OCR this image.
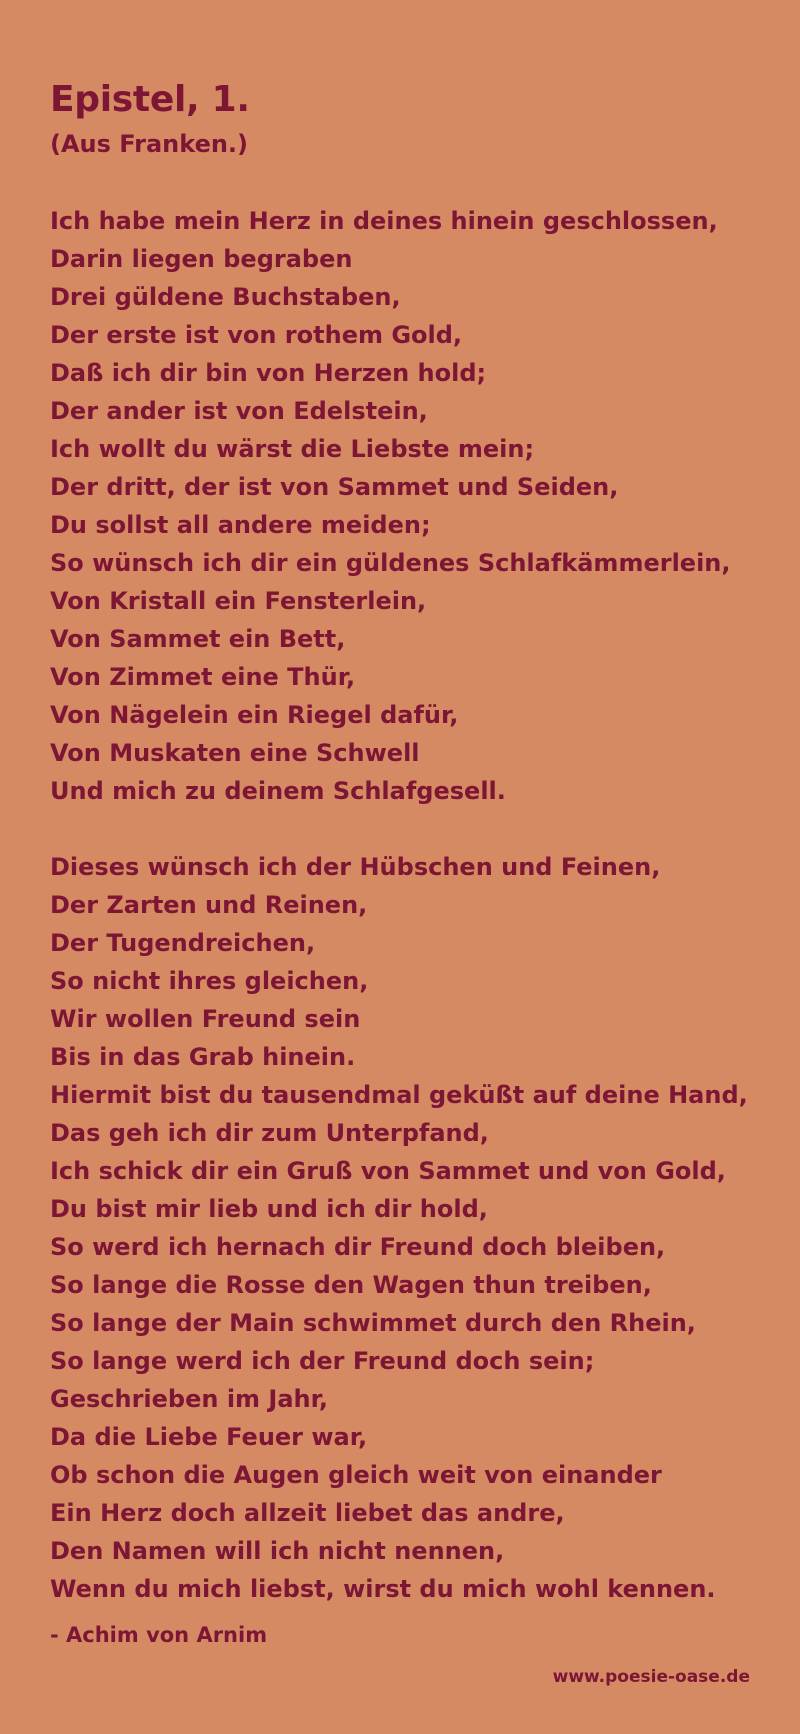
Epistel, 1.
(Aus Franken.)
Ich habe mein Herz in deines hinein geschlossen,
Darin liegen begraben
Drei güldene Buchstaben,
Der erste ist von rothem Gold,
Daß ich dir bin von Herzen hold;
Der ander ist von Edelstein,
Ich wollt du wärst die Liebste mein;
Der dritt, der ist von Sammet und Seiden,
Du sollst all andere meiden;
So wünsch ich dir ein güldenes Schlafkämmerlein,
Von Kristall ein Fensterlein,
Von Sammet ein Bett,
Von Zimmet eine Thür,
Von Nägelein ein Riegel dafür,
Von Muskaten eine Schwell
Und mich zu deinem Schlafgesell.
Dieses wünsch ich der Hübschen und Feinen,
Der Zarten und Reinen,
Der Tugendreichen,
So nicht ihres gleichen,
Wir wollen Freund sein
Bis in das Grab hinein.
Hiermit bist du tausendmal geküßt auf deine Hand,
Das geh ich dir zum Unterpfand,
Ich schick dir ein Gruß von Sammet und von Gold,
Du bist mir lieb und ich dir hold,
So werd ich hernach dir Freund doch bleiben,
So lange die Rosse den Wagen thun treiben,
So lange der Main schwimmet durch den Rhein,
So lange werd ich der Freund doch sein;
Geschrieben im Jahr,
Da die Liebe Feuer war,
Ob schon die Augen gleich weit von einander
Ein Herz doch allzeit liebet das andre,
Den Namen will ich nicht nennen,
Wenn du mich liebst, wirst du mich wohl kennen.
- Achim von Arnim
www.poesie-oase.de
